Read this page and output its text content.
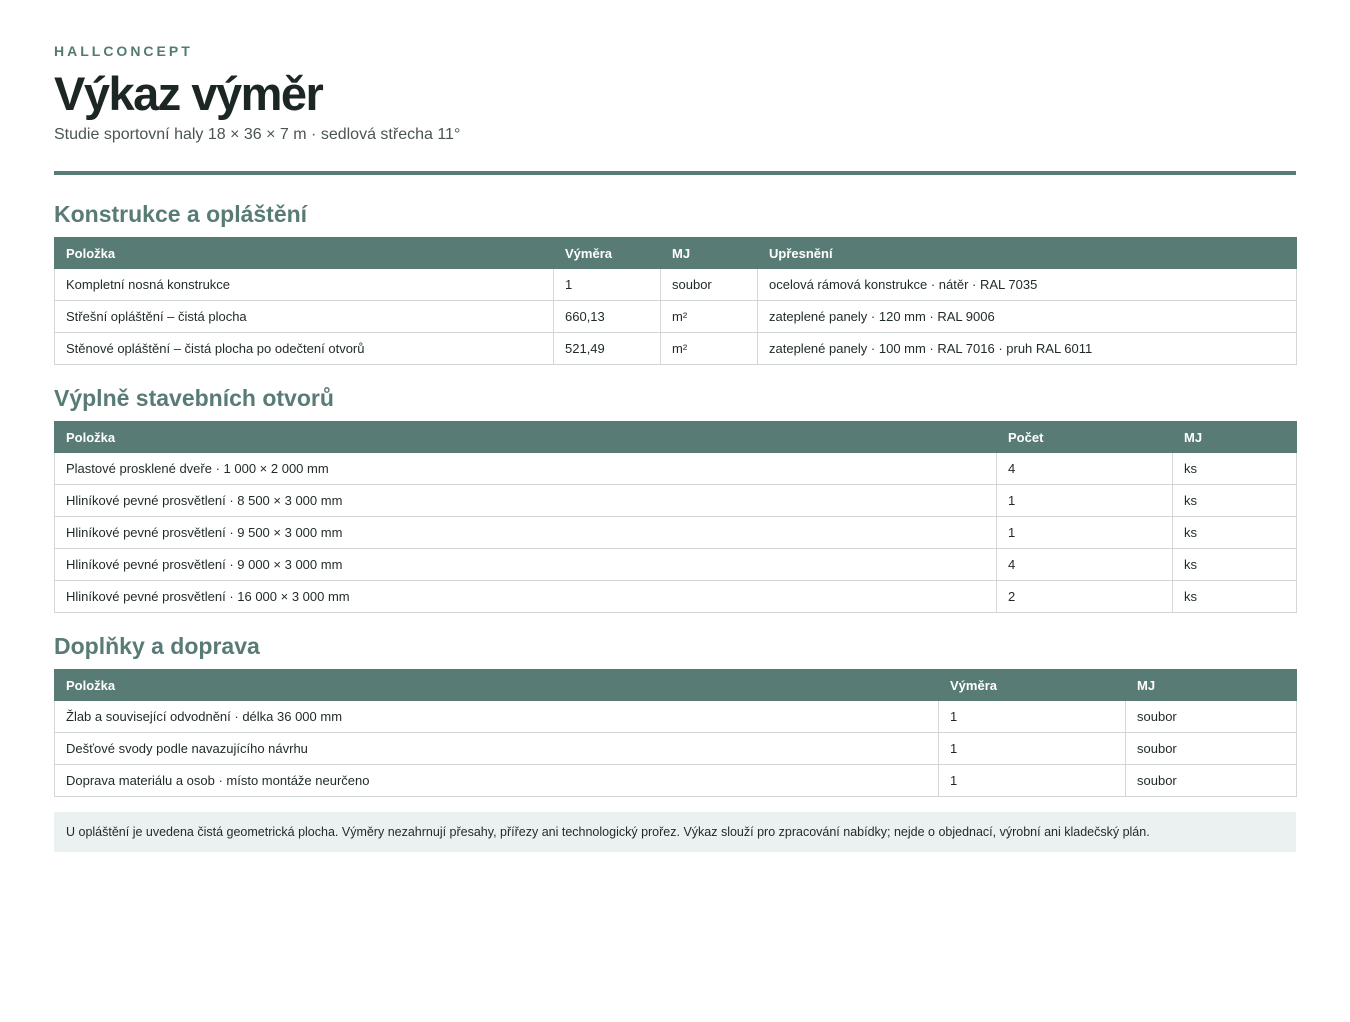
HALLCONCEPT

Výkaz výměr

Studie sportovní haly 18 × 36 × 7 m · sedlová střecha 11°

Konstrukce a opláštění
Položka	Výměra	MJ	Upřesnění
Kompletní nosná konstrukce	1	soubor	ocelová rámová konstrukce · nátěr · RAL 7035
Střešní opláštění – čistá plocha	660,13	m²	zateplené panely · 120 mm · RAL 9006
Stěnové opláštění – čistá plocha po odečtení otvorů	521,49	m²	zateplené panely · 100 mm · RAL 7016 · pruh RAL 6011
Výplně stavebních otvorů
Položka	Počet	MJ
Plastové prosklené dveře · 1 000 × 2 000 mm	4	ks
Hliníkové pevné prosvětlení · 8 500 × 3 000 mm	1	ks
Hliníkové pevné prosvětlení · 9 500 × 3 000 mm	1	ks
Hliníkové pevné prosvětlení · 9 000 × 3 000 mm	4	ks
Hliníkové pevné prosvětlení · 16 000 × 3 000 mm	2	ks
Doplňky a doprava
Položka	Výměra	MJ
Žlab a související odvodnění · délka 36 000 mm	1	soubor
Dešťové svody podle navazujícího návrhu	1	soubor
Doprava materiálu a osob · místo montáže neurčeno	1	soubor
U opláštění je uvedena čistá geometrická plocha. Výměry nezahrnují přesahy, přířezy ani technologický prořez. Výkaz slouží pro zpracování nabídky; nejde o objednací, výrobní ani kladečský plán.
